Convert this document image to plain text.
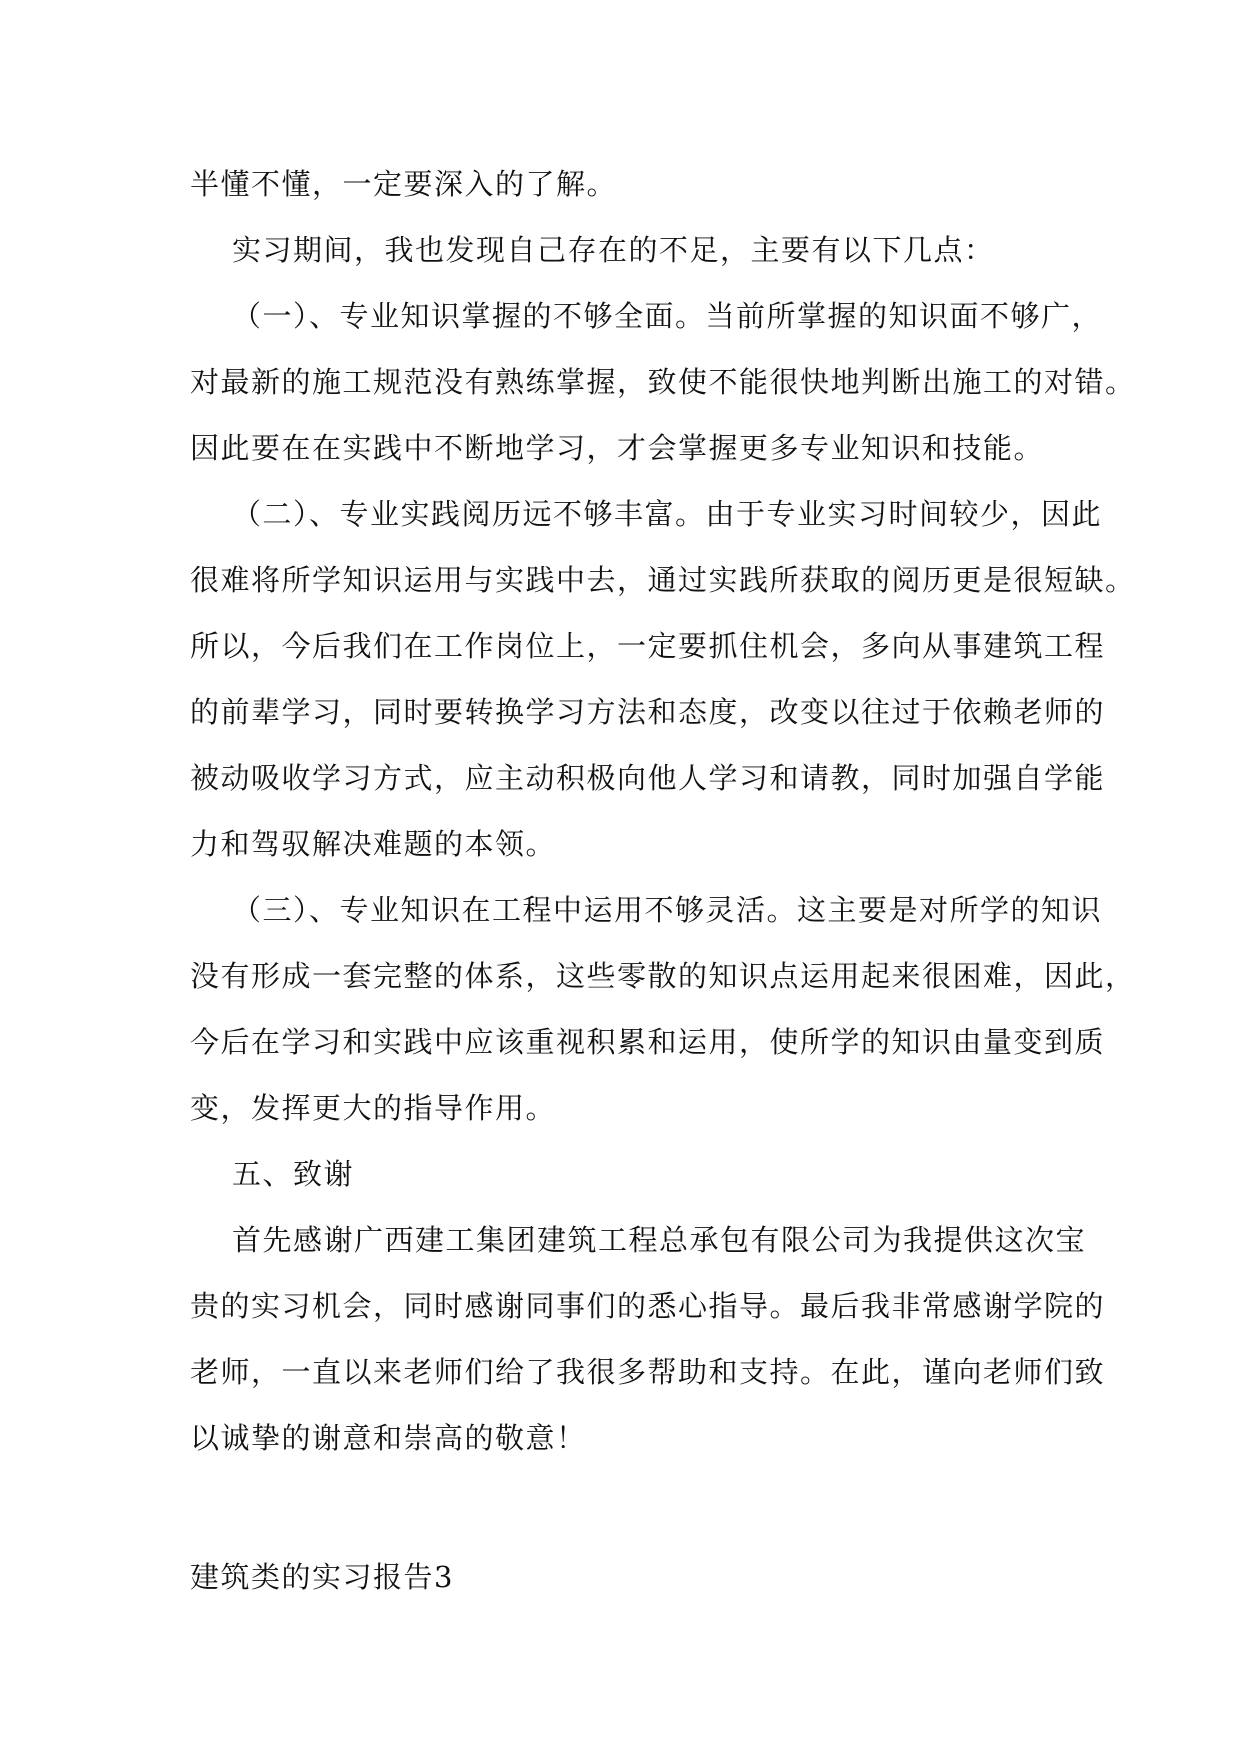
半懂不懂，一定要深入的了解。
实习期间，我也发现自己存在的不足，主要有以下几点：
（一）、专业知识掌握的不够全面。当前所掌握的知识面不够广，
对最新的施工规范没有熟练掌握，致使不能很快地判断出施工的对错。
因此要在在实践中不断地学习，才会掌握更多专业知识和技能。
（二）、专业实践阅历远不够丰富。由于专业实习时间较少，因此
很难将所学知识运用与实践中去，通过实践所获取的阅历更是很短缺。
所以，今后我们在工作岗位上，一定要抓住机会，多向从事建筑工程
的前辈学习，同时要转换学习方法和态度，改变以往过于依赖老师的
被动吸收学习方式，应主动积极向他人学习和请教，同时加强自学能
力和驾驭解决难题的本领。
（三）、专业知识在工程中运用不够灵活。这主要是对所学的知识
没有形成一套完整的体系，这些零散的知识点运用起来很困难，因此，
今后在学习和实践中应该重视积累和运用，使所学的知识由量变到质
变，发挥更大的指导作用。
五、致谢
首先感谢广西建工集团建筑工程总承包有限公司为我提供这次宝
贵的实习机会，同时感谢同事们的悉心指导。最后我非常感谢学院的
老师，一直以来老师们给了我很多帮助和支持。在此，谨向老师们致
以诚挚的谢意和崇高的敬意！
建筑类的实习报告3
